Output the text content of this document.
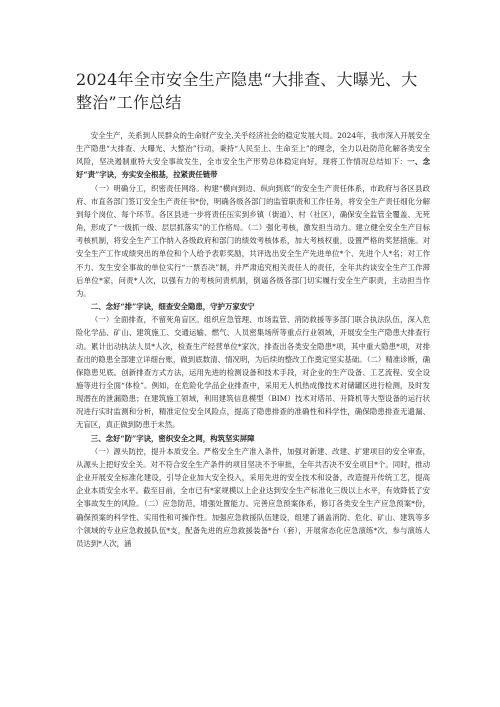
2024年全市安全生产隐患“大排查、大曝光、大整治”工作总结

安全生产，关系到人民群众的生命财产安全,关乎经济社会的稳定发展大局。2024年，我市深入开展安全生产隐患“大排查、大曝光、大整治”行动，秉持“人民至上、生命至上”的理念，全力以赴防范化解各类安全风险，坚决遏制重特大安全事故发生，全市安全生产形势总体稳定向好，现将工作情况总结如下：一、念好“责”字诀，夯实安全根基，拉紧责任链带

（一）明确分工，织密责任网络。构建“横向到边、纵向到底”的安全生产责任体系，市政府与各区县政府、市直各部门签订安全生产责任书*份，明确各级各部门的监管职责和工作任务，将安全生产责任细化分解到每个岗位、每个环节。各区县进一步将责任压实到乡镇（街道）、村（社区），确保安全监管全覆盖、无死角，形成了“一级抓一级、层层抓落实”的工作格局。（二）强化考核，激发担当动力。建立健全安全生产目标考核机制，将安全生产工作纳入各级政府和部门的绩效考核体系，加大考核权重，设置严格的奖惩措施。对安全生产工作成绩突出的单位和个人给予表彰奖励，共评选出安全生产先进单位*个、先进个人*名；对工作不力、发生安全事故的单位实行“一票否决”制，并严肃追究相关责任人的责任，全年共约谈安全生产工作滞后单位*家，问责*人次，以强有力的考核问责机制，倒逼各级各部门切实履行安全生产职责，主动担当作为。

二、念好“排”字诀，细查安全隐患，守护万家安宁

（一）全面排查，不留死角盲区。组织应急管理、市场监管、消防救援等多部门联合执法队伍，深入危险化学品、矿山、建筑施工、交通运输、燃气、人员密集场所等重点行业领域，开展安全生产隐患大排查行动。累计出动执法人员*人次，检查生产经营单位*家次，排查出各类安全隐患*项，其中重大隐患*项，对排查出的隐患全部建立详细台账，做到底数清、情况明，为后续的整改工作奠定坚实基础。（二）精准诊断，确保隐患见底。创新排查方式方法，运用先进的检测设备和技术手段，对企业的生产设备、工艺流程、安全设施等进行全面“体检”。例如，在危险化学品企业排查中，采用无人机热成像技术对储罐区进行检测，及时发现潜在的泄漏隐患；在建筑施工领域，利用建筑信息模型（BIM）技术对塔吊、升降机等大型设备的运行状况进行实时监测和分析，精准定位安全风险点，提高了隐患排查的准确性和科学性，确保隐患排查无遗漏、无盲区，真正做到防患于未然。

三、念好“防”字诀，密织安全之网，构筑坚实屏障

（一）源头防控，提升本质安全。严格安全生产准入条件，加强对新建、改建、扩建项目的安全审查，从源头上把好安全关。对不符合安全生产条件的项目坚决不予审批，全年共否决不安全项目*个。同时，推动企业开展安全标准化建设，引导企业加大安全投入，采用先进的安全技术和设备，改造提升传统工艺，提高企业本质安全水平。截至目前，全市已有*家规模以上企业达到安全生产标准化三级以上水平，有效降低了安全事故发生的风险。（二）应急防范，增强处置能力。完善应急预案体系，修订各类安全生产应急预案*份，确保预案的科学性、实用性和可操作性。加强应急救援队伍建设，组建了涵盖消防、危化、矿山、建筑等多个领域的专业应急救援队伍*支，配备先进的应急救援装备*台（套），开展常态化应急演练*次，参与演练人员达到*人次，涵
